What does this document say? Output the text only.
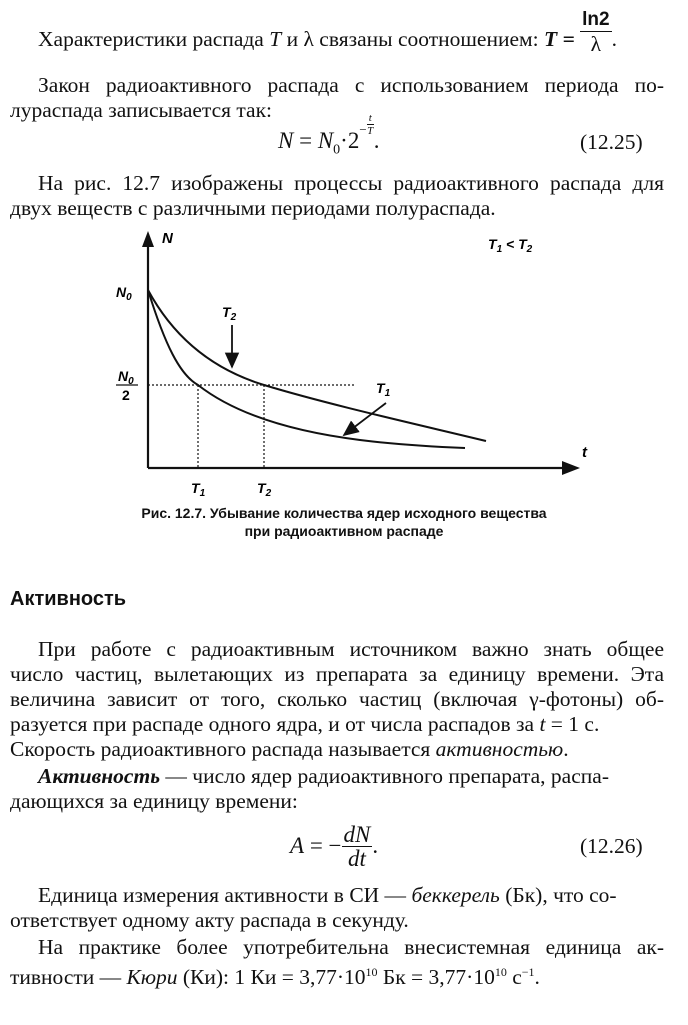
Характеристики распада T и λ связаны соотношением: $T = \frac{\ln 2}{\lambda}$ .
Закон радиоактивного распада с использованием периода по-
лураспада записывается так:
$N = N_0\cdot 2^- \frac{t}{T}$
.	(12.25)
На рис. 12.7 изображены процессы радиоактивного распада для
двух веществ с различными периодами полураспада.
N
t
$N_0$
$N_0$
2
$T_1 < T_2$
$T_2$
$T_1$
$T_1$	$T_2$
Рис. 12.7. Убывание количества ядер исходного вещества
при радиоактивном распаде
Активность
При работе с радиоактивным источником важно знать общее
число частиц, вылетающих из препарата за единицу времени. Эта
величина зависит от того, сколько частиц (включая γ-фотоны) об-
разуется при распаде одного ядра, и от числа распадов за t = 1 с.
Скорость радиоактивного распада называется активностью.
Активность — число ядер радиоактивного препарата, распа-
дающихся за единицу времени:
A = − $\frac{dN}{dt}$ .	(12.26)
Единица измерения активности в СИ — беккерель (Бк), что со-
ответствует одному акту распада в секунду.
На практике более употребительна внесистемная единица ак-
тивности — Кюри (Ки): 1 Ки = $3,77\cdot 10^{10}$ Бк = $3,77\cdot 10^{10}$ $с^{-1}$.
